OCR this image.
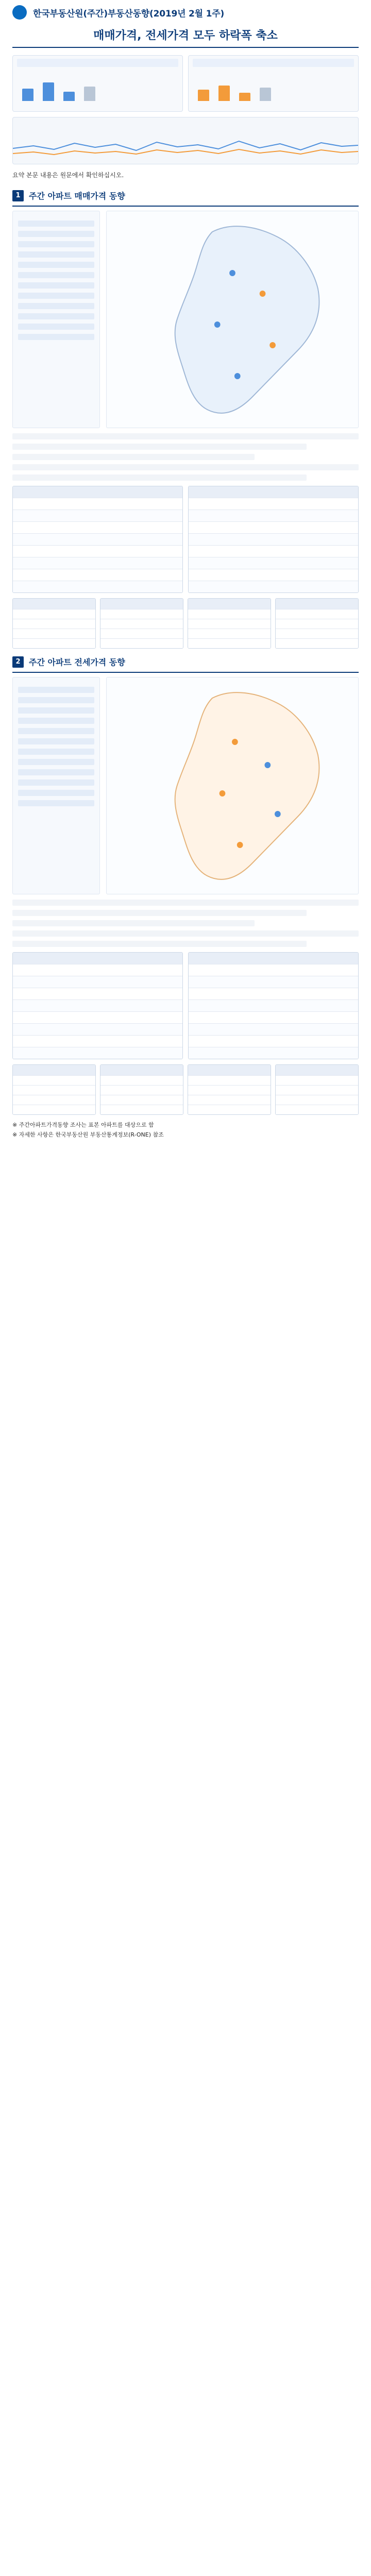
한국부동산원(주간)부동산동향(2019년 2월 1주)
매매가격, 전세가격 모두 하락폭 축소
요약 본문 내용은 원문에서 확인하십시오.
1	주간 아파트 매매가격 동향
2	주간 아파트 전세가격 동향
※ 주간아파트가격동향 조사는 표본 아파트를 대상으로 함
※ 자세한 사항은 한국부동산원 부동산통계정보(R-ONE) 참조
